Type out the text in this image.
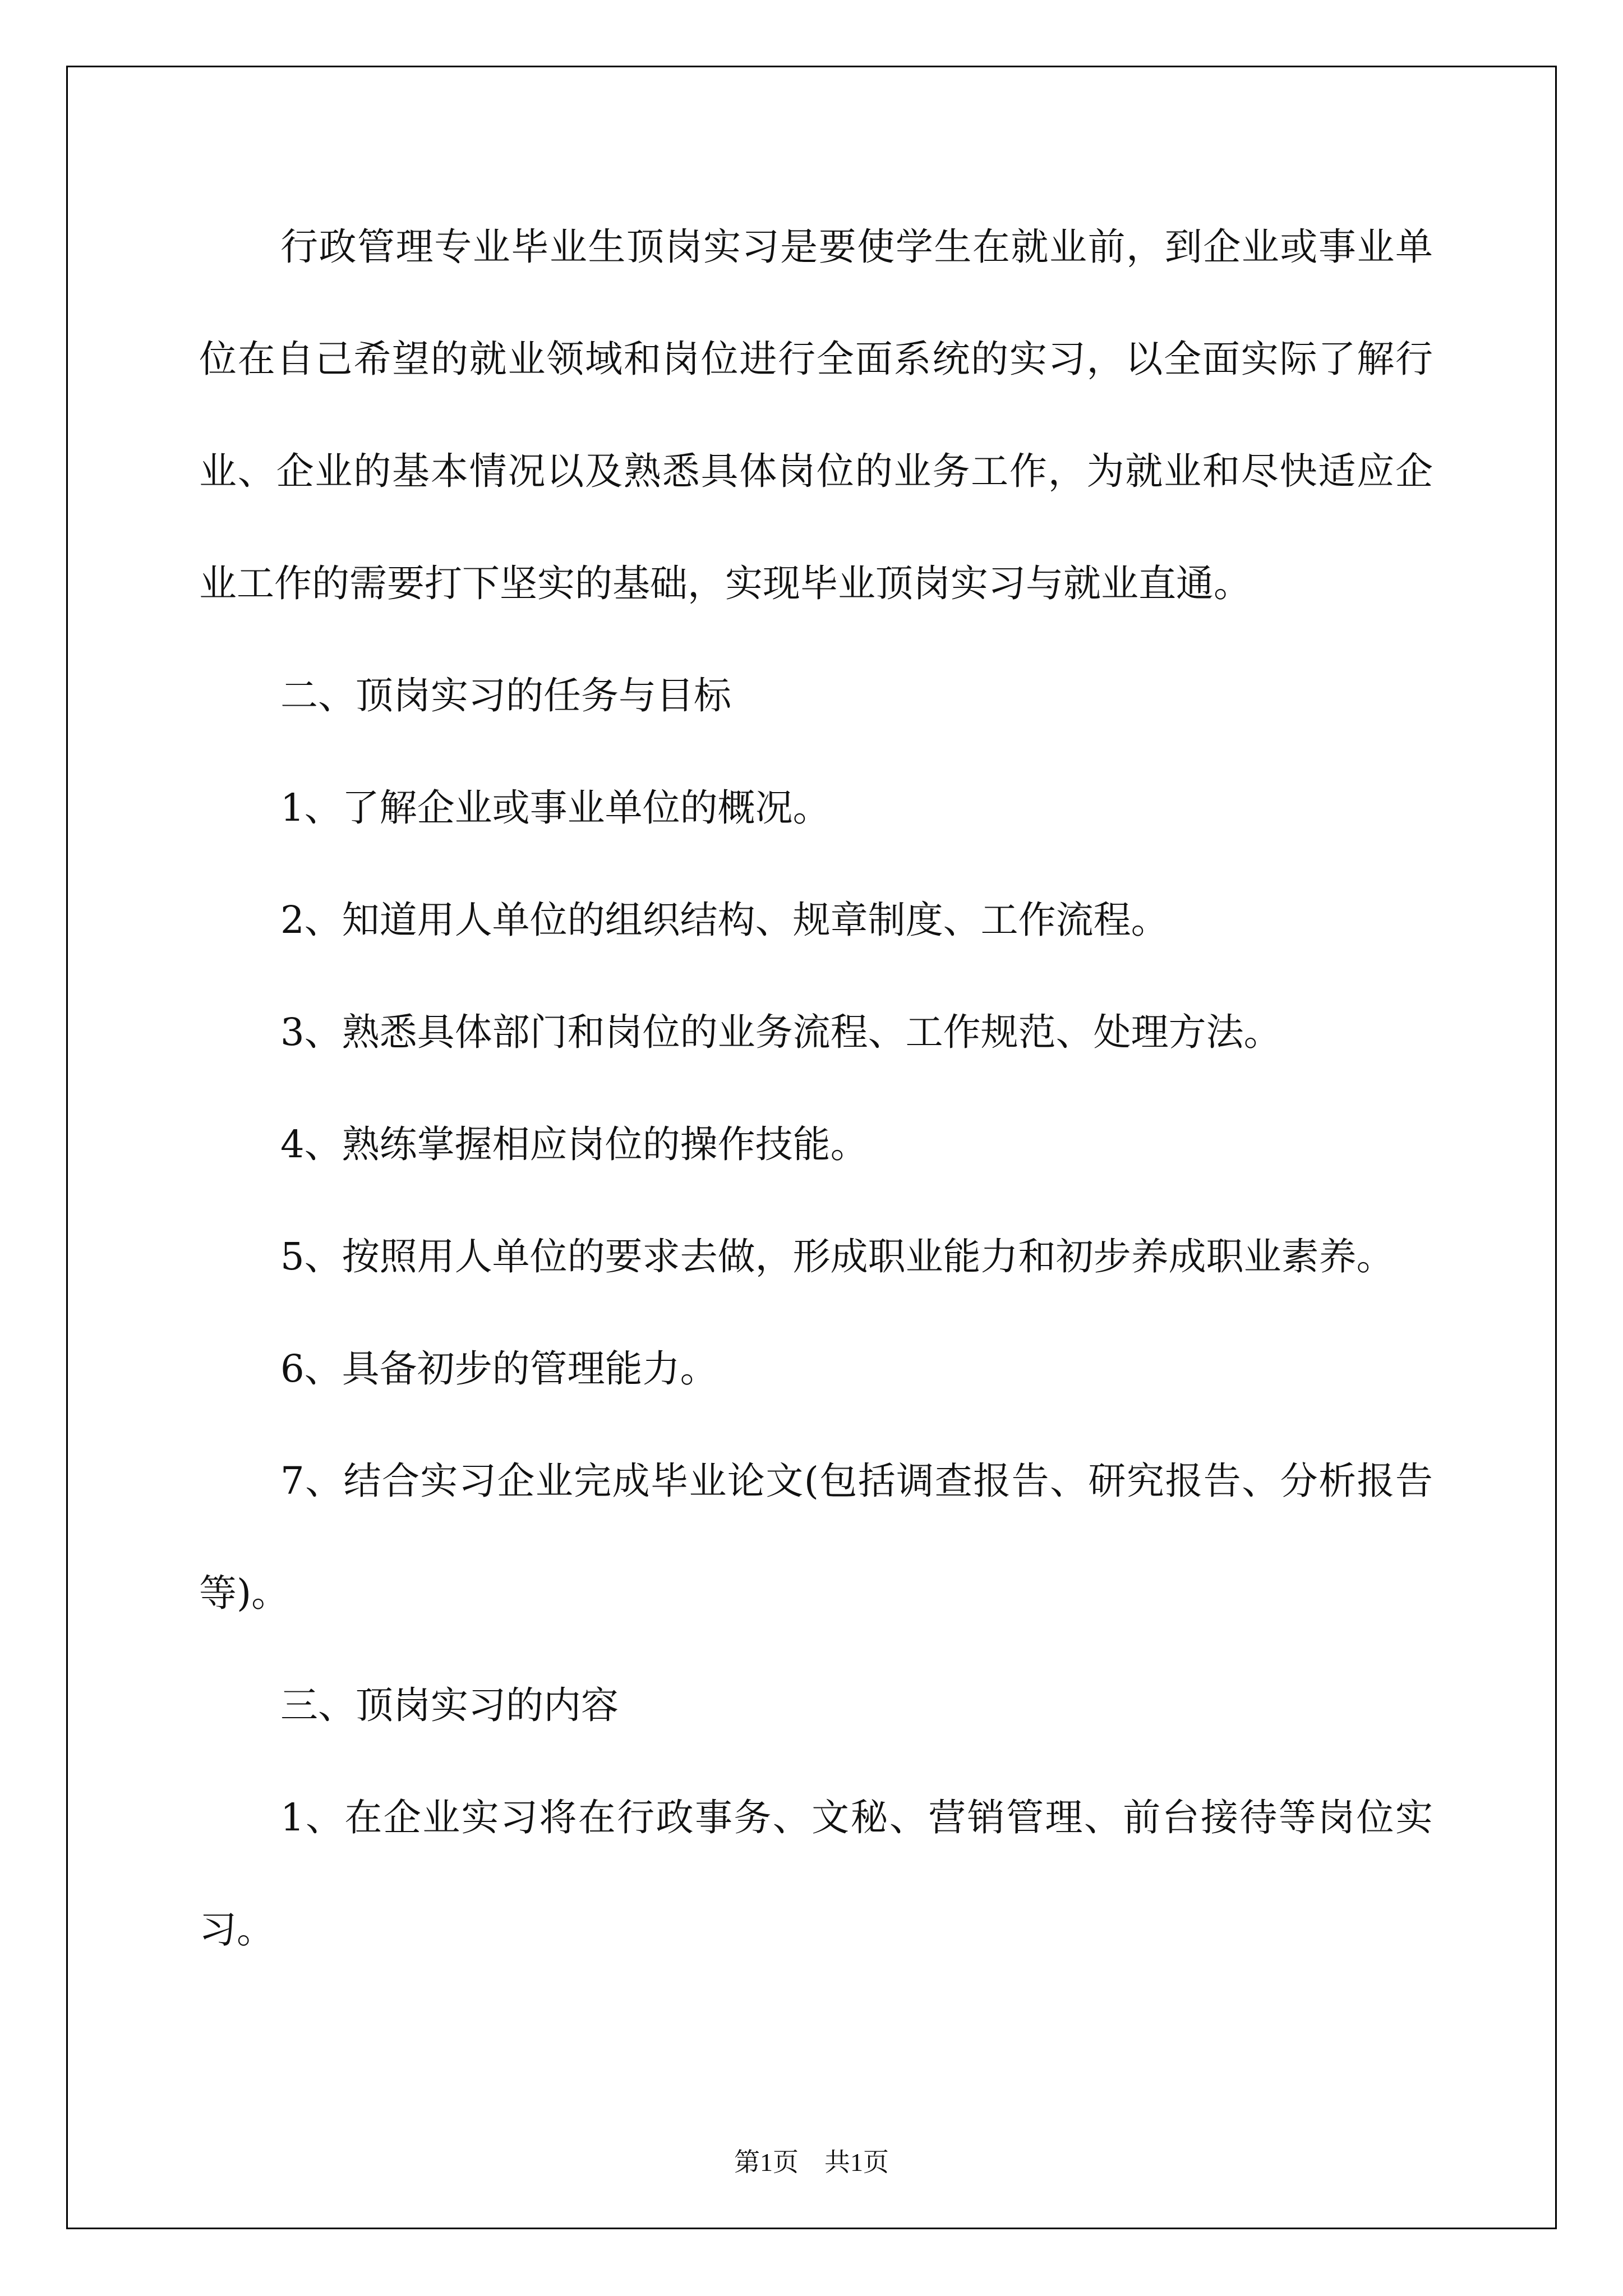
行政管理专业毕业生顶岗实习是要使学生在就业前，到企业或事业单位在自己希望的就业领域和岗位进行全面系统的实习，以全面实际了解行业、企业的基本情况以及熟悉具体岗位的业务工作，为就业和尽快适应企业工作的需要打下坚实的基础，实现毕业顶岗实习与就业直通。

二、顶岗实习的任务与目标

1、了解企业或事业单位的概况。

2、知道用人单位的组织结构、规章制度、工作流程。

3、熟悉具体部门和岗位的业务流程、工作规范、处理方法。

4、熟练掌握相应岗位的操作技能。

5、按照用人单位的要求去做，形成职业能力和初步养成职业素养。

6、具备初步的管理能力。

7、结合实习企业完成毕业论文(包括调查报告、研究报告、分析报告等)。

三、顶岗实习的内容

1、在企业实习将在行政事务、文秘、营销管理、前台接待等岗位实习。

第1页　共1页
